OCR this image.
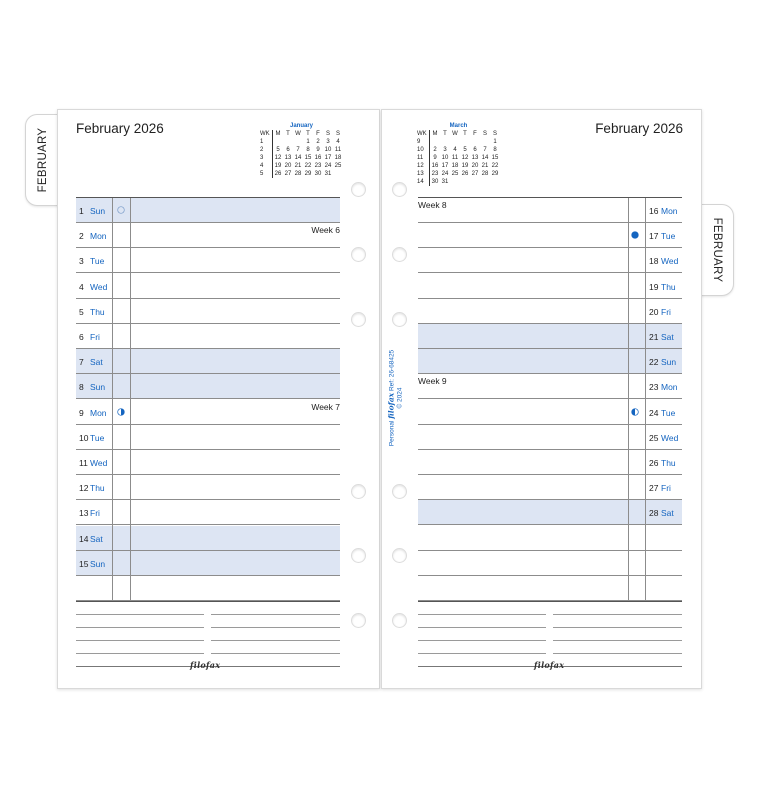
FEBRUARY
FEBRUARY
February 2026	February 2026
January
WK	M	T	W	T	F	S	S
1				1	2	3	4
2	5	6	7	8	9	10	11
3	12	13	14	15	16	17	18
4	19	20	21	22	23	24	25
5	26	27	28	29	30	31	
March
WK	M	T	W	T	F	S	S
9							1
10	2	3	4	5	6	7	8
11	9	10	11	12	13	14	15
12	16	17	18	19	20	21	22
13	23	24	25	26	27	28	29
14	30	31					
1 Sun
2 Mon
Week 6
3 Tue
4 Wed
5 Thu
6 Fri
7 Sat
8 Sun
9 Mon
Week 7
10 Tue
11 Wed
12 Thu
13 Fri
14 Sat
15 Sun
16 Mon
Week 8
17 Tue
18 Wed
19 Thu
20 Fri
21 Sat
22 Sun
23 Mon
Week 9
24 Tue
25 Wed
26 Thu
27 Fri
28 Sat
filofax	filofax
Personal filofax Ref: 26-68425
© 2024
